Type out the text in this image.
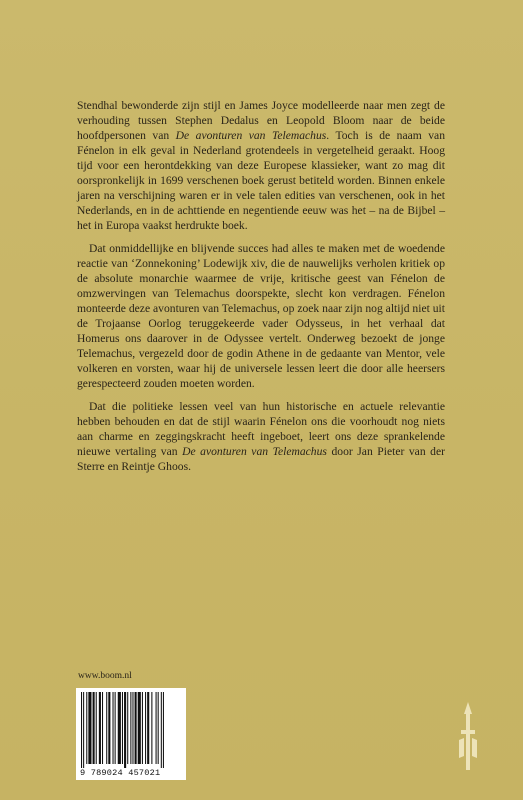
Stendhal bewonderde zijn stijl en James Joyce modelleerde naar men zegt de verhouding tussen Stephen Dedalus en Leopold Bloom naar de beide hoofdpersonen van De avonturen van Telemachus. Toch is de naam van Fénelon in elk geval in Nederland grotendeels in vergetelheid geraakt. Hoog tijd voor een herontdekking van deze Europese klassieker, want zo mag dit oorspronkelijk in 1699 verschenen boek gerust betiteld worden. Binnen enkele jaren na verschijning waren er in vele talen edities van verschenen, ook in het Nederlands, en in de achttiende en negentiende eeuw was het – na de Bijbel – het in Europa vaakst herdrukte boek.

Dat onmiddellijke en blijvende succes had alles te maken met de woedende reactie van ‘Zonnekoning’ Lodewijk xiv, die de nauwelijks verholen kritiek op de absolute monarchie waarmee de vrije, kritische geest van Fénelon de omzwervingen van Telemachus doorspekte, slecht kon verdragen. Fénelon monteerde deze avonturen van Telemachus, op zoek naar zijn nog altijd niet uit de Trojaanse Oorlog teruggekeerde vader Odysseus, in het verhaal dat Homerus ons daarover in de Odyssee vertelt. Onderweg bezoekt de jonge Telemachus, vergezeld door de godin Athene in de gedaante van Mentor, vele volkeren en vorsten, waar hij de universele lessen leert die door alle heersers gerespecteerd zouden moeten worden.

Dat die politieke lessen veel van hun historische en actuele relevantie hebben behouden en dat de stijl waarin Fénelon ons die voorhoudt nog niets aan charme en zeggingskracht heeft ingeboet, leert ons deze sprankelende nieuwe vertaling van De avonturen van Telemachus door Jan Pieter van der Sterre en Reintje Ghoos.

www.boom.nl
9 789024 457021
